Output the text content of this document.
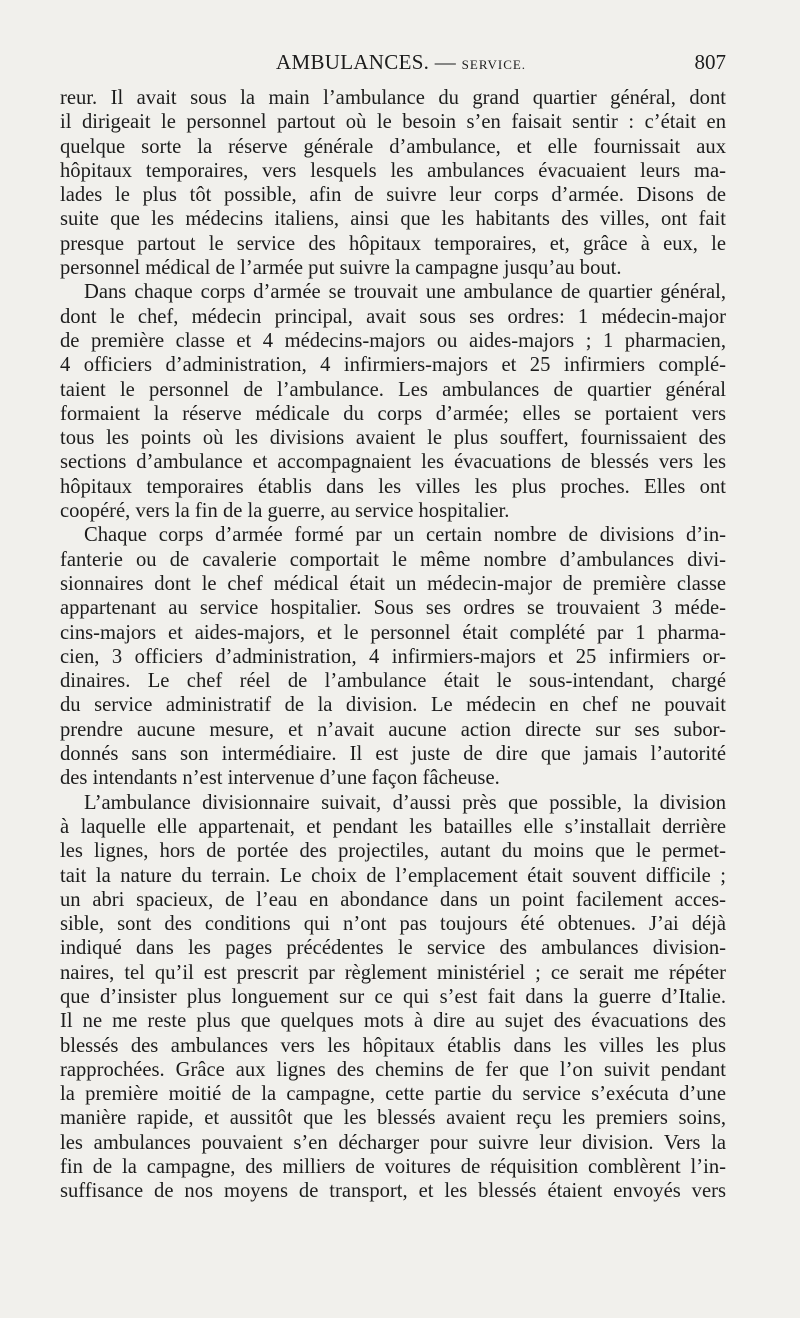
AMBULANCES. — SERVICE.	807
reur. Il avait sous la main l’ambulance du grand quartier général, dont
il dirigeait le personnel partout où le besoin s’en faisait sentir : c’était en
quelque sorte la réserve générale d’ambulance, et elle fournissait aux
hôpitaux temporaires, vers lesquels les ambulances évacuaient leurs ma-
lades le plus tôt possible, afin de suivre leur corps d’armée. Disons de
suite que les médecins italiens, ainsi que les habitants des villes, ont fait
presque partout le service des hôpitaux temporaires, et, grâce à eux, le
personnel médical de l’armée put suivre la campagne jusqu’au bout.
Dans chaque corps d’armée se trouvait une ambulance de quartier général,
dont le chef, médecin principal, avait sous ses ordres: 1 médecin-major
de première classe et 4 médecins-majors ou aides-majors ; 1 pharmacien,
4 officiers d’administration, 4 infirmiers-majors et 25 infirmiers complé-
taient le personnel de l’ambulance. Les ambulances de quartier général
formaient la réserve médicale du corps d’armée; elles se portaient vers
tous les points où les divisions avaient le plus souffert, fournissaient des
sections d’ambulance et accompagnaient les évacuations de blessés vers les
hôpitaux temporaires établis dans les villes les plus proches. Elles ont
coopéré, vers la fin de la guerre, au service hospitalier.
Chaque corps d’armée formé par un certain nombre de divisions d’in-
fanterie ou de cavalerie comportait le même nombre d’ambulances divi-
sionnaires dont le chef médical était un médecin-major de première classe
appartenant au service hospitalier. Sous ses ordres se trouvaient 3 méde-
cins-majors et aides-majors, et le personnel était complété par 1 pharma-
cien, 3 officiers d’administration, 4 infirmiers-majors et 25 infirmiers or-
dinaires. Le chef réel de l’ambulance était le sous-intendant, chargé
du service administratif de la division. Le médecin en chef ne pouvait
prendre aucune mesure, et n’avait aucune action directe sur ses subor-
donnés sans son intermédiaire. Il est juste de dire que jamais l’autorité
des intendants n’est intervenue d’une façon fâcheuse.
L’ambulance divisionnaire suivait, d’aussi près que possible, la division
à laquelle elle appartenait, et pendant les batailles elle s’installait derrière
les lignes, hors de portée des projectiles, autant du moins que le permet-
tait la nature du terrain. Le choix de l’emplacement était souvent difficile ;
un abri spacieux, de l’eau en abondance dans un point facilement acces-
sible, sont des conditions qui n’ont pas toujours été obtenues. J’ai déjà
indiqué dans les pages précédentes le service des ambulances division-
naires, tel qu’il est prescrit par règlement ministériel ; ce serait me répéter
que d’insister plus longuement sur ce qui s’est fait dans la guerre d’Italie.
Il ne me reste plus que quelques mots à dire au sujet des évacuations des
blessés des ambulances vers les hôpitaux établis dans les villes les plus
rapprochées. Grâce aux lignes des chemins de fer que l’on suivit pendant
la première moitié de la campagne, cette partie du service s’exécuta d’une
manière rapide, et aussitôt que les blessés avaient reçu les premiers soins,
les ambulances pouvaient s’en décharger pour suivre leur division. Vers la
fin de la campagne, des milliers de voitures de réquisition comblèrent l’in-
suffisance de nos moyens de transport, et les blessés étaient envoyés vers
